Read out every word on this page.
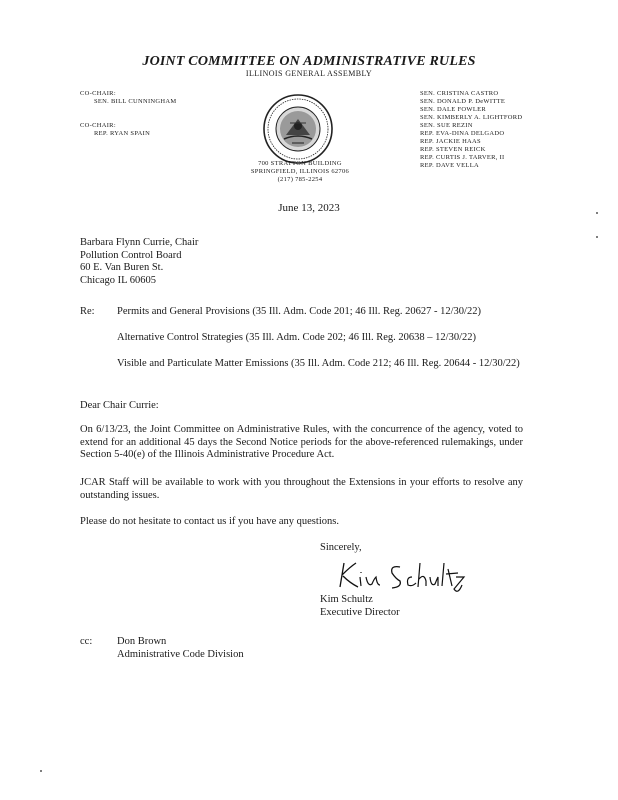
JOINT COMMITTEE ON ADMINISTRATIVE RULES
ILLINOIS GENERAL ASSEMBLY
CO-CHAIR:
SEN. BILL CUNNINGHAM
CO-CHAIR:
REP. RYAN SPAIN
SEN. CRISTINA CASTRO
SEN. DONALD P. DeWITTE
SEN. DALE FOWLER
SEN. KIMBERLY A. LIGHTFORD
SEN. SUE REZIN
REP. EVA-DINA DELGADO
REP. JACKIE HAAS
REP. STEVEN REICK
REP. CURTIS J. TARVER, II
REP. DAVE VELLA
700 STRATTON BUILDING
SPRINGFIELD, ILLINOIS 62706
(217) 785-2254
June 13, 2023
Barbara Flynn Currie, Chair
Pollution Control Board
60 E. Van Buren St.
Chicago IL 60605
Re: Permits and General Provisions (35 Ill. Adm. Code 201; 46 Ill. Reg. 20627 - 12/30/22)
Alternative Control Strategies (35 Ill. Adm. Code 202; 46 Ill. Reg. 20638 – 12/30/22)
Visible and Particulate Matter Emissions (35 Ill. Adm. Code 212; 46 Ill. Reg. 20644 - 12/30/22)
Dear Chair Currie:
On 6/13/23, the Joint Committee on Administrative Rules, with the concurrence of the agency, voted to extend for an additional 45 days the Second Notice periods for the above-referenced rulemakings, under Section 5-40(e) of the Illinois Administrative Procedure Act.
JCAR Staff will be available to work with you throughout the Extensions in your efforts to resolve any outstanding issues.
Please do not hesitate to contact us if you have any questions.
Sincerely,
Kim Schultz
Executive Director
cc: Don Brown
Administrative Code Division
